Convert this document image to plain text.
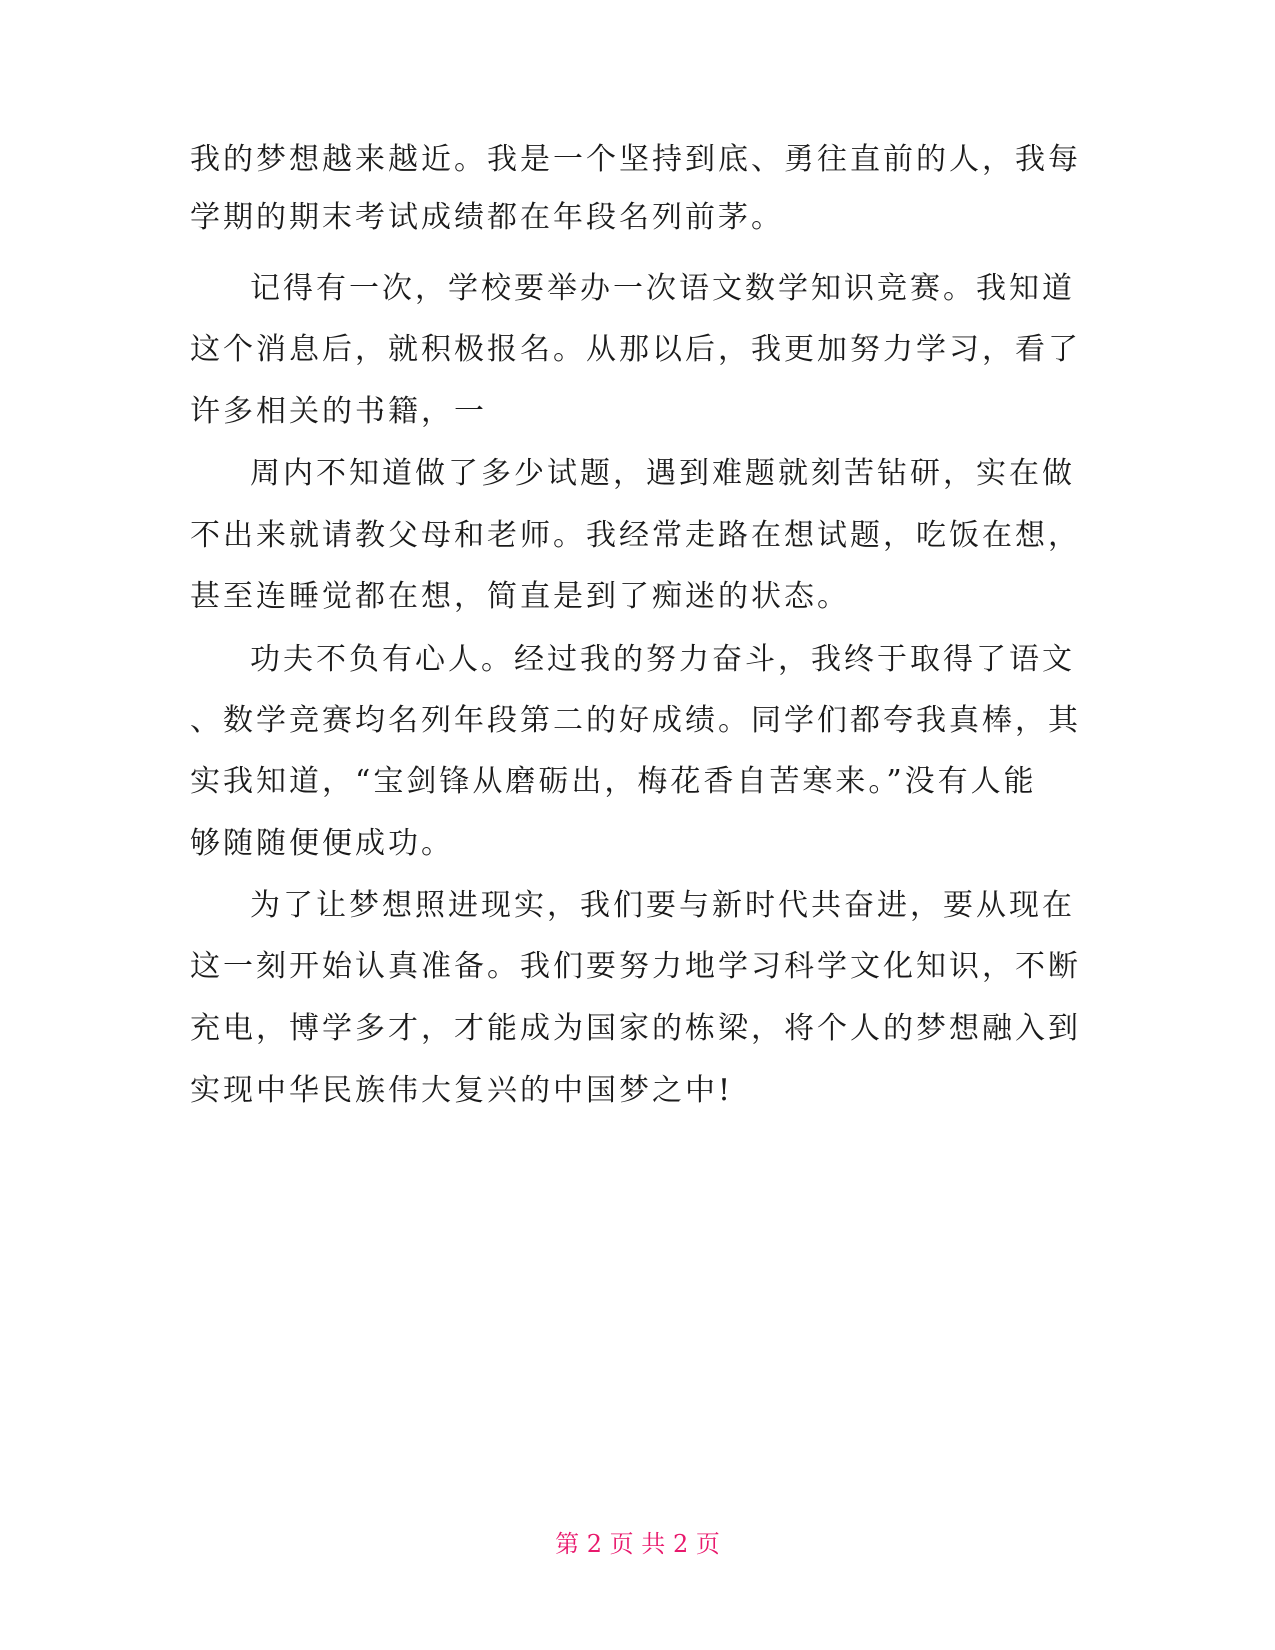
我的梦想越来越近。我是一个坚持到底、勇往直前的人，我每
学期的期末考试成绩都在年段名列前茅。
记得有一次，学校要举办一次语文数学知识竞赛。我知道
这个消息后，就积极报名。从那以后，我更加努力学习，看了
许多相关的书籍，一
周内不知道做了多少试题，遇到难题就刻苦钻研，实在做
不出来就请教父母和老师。我经常走路在想试题，吃饭在想，
甚至连睡觉都在想，简直是到了痴迷的状态。
功夫不负有心人。经过我的努力奋斗，我终于取得了语文
、数学竞赛均名列年段第二的好成绩。同学们都夸我真棒，其
实我知道，“宝剑锋从磨砺出，梅花香自苦寒来。”没有人能
够随随便便成功。
为了让梦想照进现实，我们要与新时代共奋进，要从现在
这一刻开始认真准备。我们要努力地学习科学文化知识，不断
充电，博学多才，才能成为国家的栋梁，将个人的梦想融入到
实现中华民族伟大复兴的中国梦之中!
第 2 页 共 2 页
